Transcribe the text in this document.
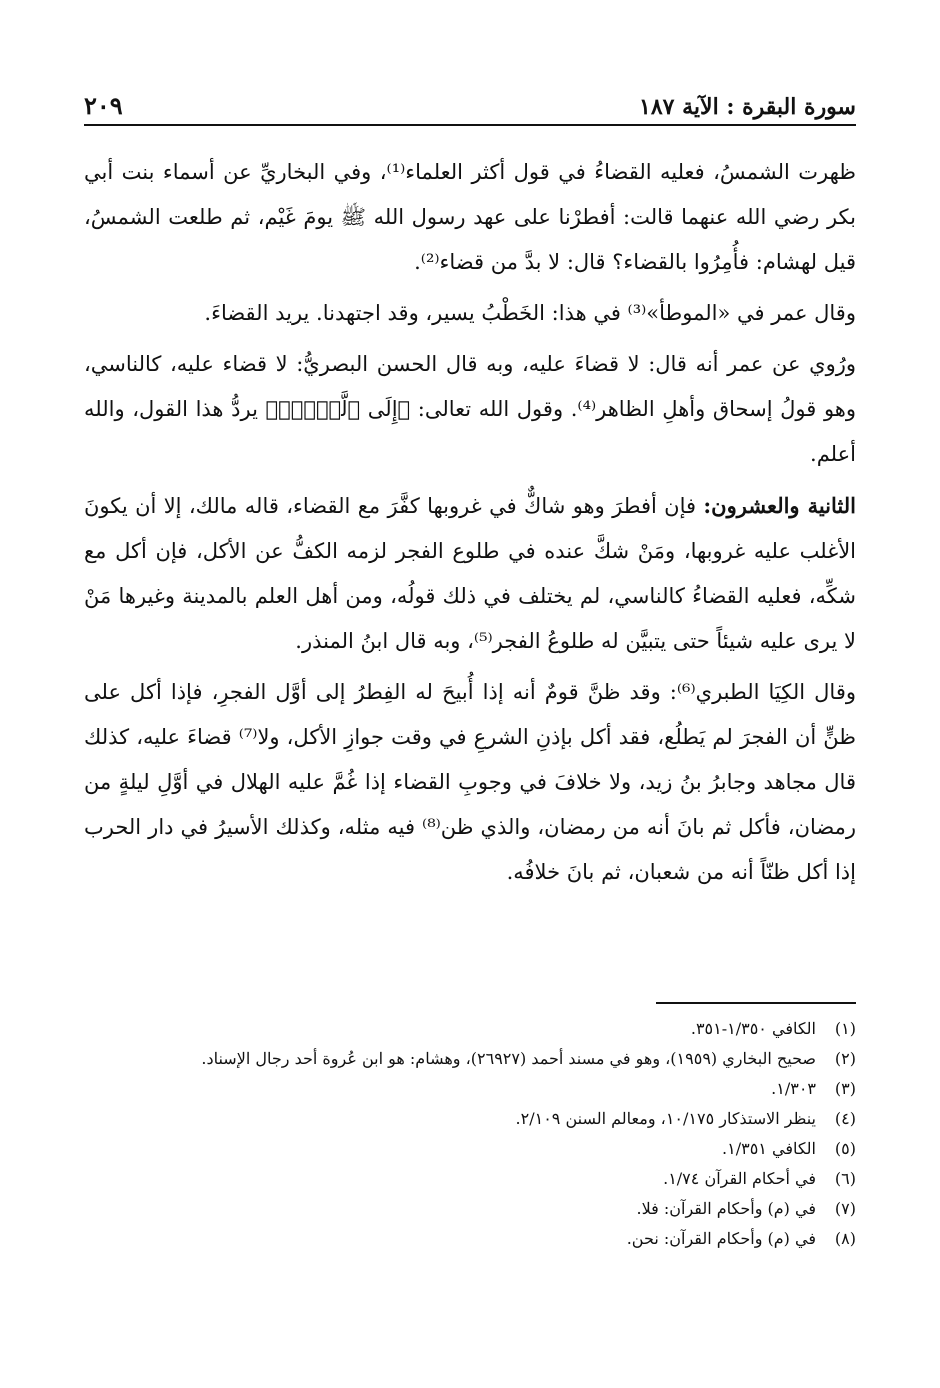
سورة البقرة : الآية ١٨٧
٢٠٩

ظهرت الشمسُ، فعليه القضاءُ في قول أكثر العلماء⁽¹⁾، وفي البخاريِّ عن أسماء بنت أبي بكر رضي الله عنهما قالت: أفطرْنا على عهد رسول الله ﷺ يومَ غَيْم، ثم طلعت الشمسُ، قيل لهشام: فأُمِرُوا بالقضاء؟ قال: لا بدَّ من قضاء⁽²⁾.

وقال عمر في «الموطأ»⁽³⁾ في هذا: الخَطْبُ يسير، وقد اجتهدنا. يريد القضاءَ.

ورُوي عن عمر أنه قال: لا قضاءَ عليه، وبه قال الحسن البصريُّ: لا قضاء عليه، كالناسي، وهو قولُ إسحاق وأهلِ الظاهر⁽⁴⁾. وقول الله تعالى: ﴿إِلَى ٱلَّيۡلِۚ﴾ يردُّ هذا القول، والله أعلم.

الثانية والعشرون: فإن أفطرَ وهو شاكٌّ في غروبها كفَّرَ مع القضاء، قاله مالك، إلا أن يكونَ الأغلب عليه غروبها، ومَنْ شكَّ عنده في طلوع الفجر لزمه الكفُّ عن الأكل، فإن أكل مع شكِّه، فعليه القضاءُ كالناسي، لم يختلف في ذلك قولُه، ومن أهل العلم بالمدينة وغيرها مَنْ لا يرى عليه شيئاً حتى يتبيَّن له طلوعُ الفجر⁽⁵⁾، وبه قال ابنُ المنذر.

وقال الكِيَا الطبري⁽⁶⁾: وقد ظنَّ قومٌ أنه إذا أُبيحَ له الفِطرُ إلى أوَّل الفجرِ، فإذا أكل على ظنٍّ أن الفجرَ لم يَطلُع، فقد أكل بإذنِ الشرعِ في وقت جوازِ الأكل، ولا⁽⁷⁾ قضاءَ عليه، كذلك قال مجاهد وجابرُ بنُ زيد، ولا خلافَ في وجوبِ القضاء إذا غُمَّ عليه الهلال في أوَّلِ ليلةٍ من رمضان، فأكل ثم بانَ أنه من رمضان، والذي ظن⁽⁸⁾ فيه مثله، وكذلك الأسيرُ في دار الحرب إذا أكل ظنّاً أنه من شعبان، ثم بانَ خلافُه.

(١)
الكافي ١/٣٥٠-٣٥١.
(٢)
صحيح البخاري (١٩٥٩)، وهو في مسند أحمد (٢٦٩٢٧)، وهشام: هو ابن عُروة أحد رجال الإسناد.
(٣)
١/٣٠٣.
(٤)
ينظر الاستذكار ١٠/١٧٥، ومعالم السنن ٢/١٠٩.
(٥)
الكافي ١/٣٥١.
(٦)
في أحكام القرآن ١/٧٤.
(٧)
في (م) وأحكام القرآن: فلا.
(٨)
في (م) وأحكام القرآن: نحن.
